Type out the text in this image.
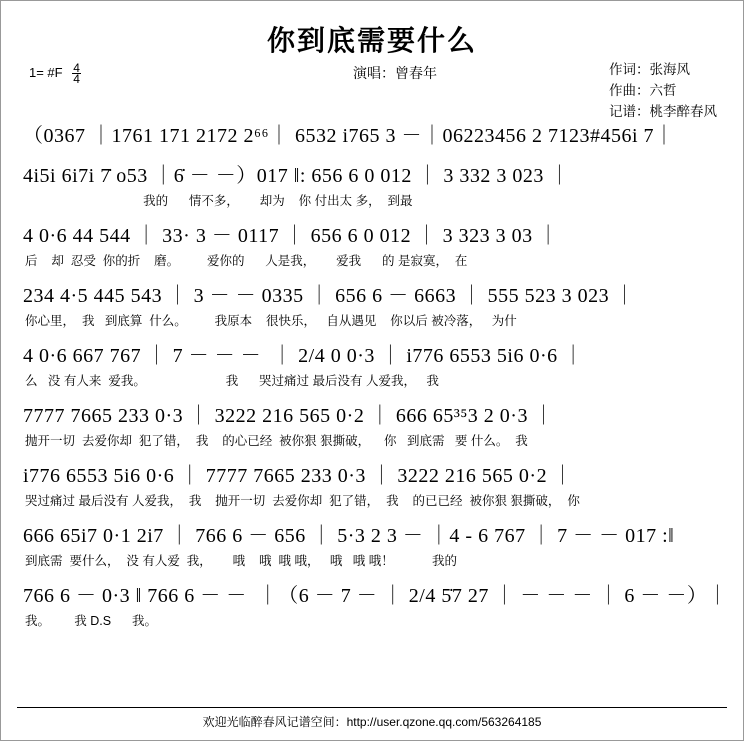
你到底需要什么
1= #F $\frac{4}{4}$	演唱：曾春年	作词：张海风
作曲：六哲
记谱：桃李醉春风
（0367 ｜1761 171 2172 2⁶⁶｜ 6532 i765 3 －｜06223456 2 7123#456i 7｜
4i5i 6i7i 7̇ o53 ｜6̇ － －）017 ‖: 656 6 0 012 ｜ 3 332 3 023 ｜
我的      情不多，      却为    你 付出太 多，  到最
4 0·6 44 544 ｜ 33· 3 － 0117 ｜ 656 6 0 012 ｜ 3 323 3 03 ｜
后    却  忍受  你的折    磨。        爱你的      人是我，      爱我      的 是寂寞，  在
234 4·5 445 543 ｜ 3 － － 0335 ｜ 656 6 － 6663 ｜ 555 523 3 023 ｜
你心里，  我   到底算  什么。        我原本    很快乐，   自从遇见    你以后 被冷落，   为什
4 0·6 667 767 ｜ 7 － － －  ｜ 2/4 0 0·3 ｜ i776 6553 5i6 0·6 ｜
么   没 有人来  爱我。                       我      哭过痛过 最后没有 人爱我，   我
7777 7665 233 0·3 ｜ 3222 216 565 0·2 ｜ 666 65³⁵3 2 0·3 ｜
抛开一切  去爱你却  犯了错，  我    的心已经  被你狠 狠撕破，    你   到底需   要 什么。  我
i776 6553 5i6 0·6 ｜ 7777 7665 233 0·3 ｜ 3222 216 565 0·2 ｜
哭过痛过 最后没有 人爱我，  我    抛开一切  去爱你却  犯了错，  我    的已已经  被你狠 狠撕破，  你
666 65i7 0·1 2i7 ｜ 766 6 － 656 ｜ 5·3 2 3 － ｜4 - 6 767 ｜ 7 － － 017 :‖
到底需  要什么，  没 有人爱  我，      哦    哦  哦 哦，   哦   哦 哦！           我的
766 6 － 0·3 ‖ 766 6 － －  ｜（6 － 7 － ｜ 2/4 5̇7 27 ｜ － － － ｜ 6 － －）｜
我。       我 D.S      我。
欢迎光临醉春风记谱空间：http://user.qzone.qq.com/563264185
